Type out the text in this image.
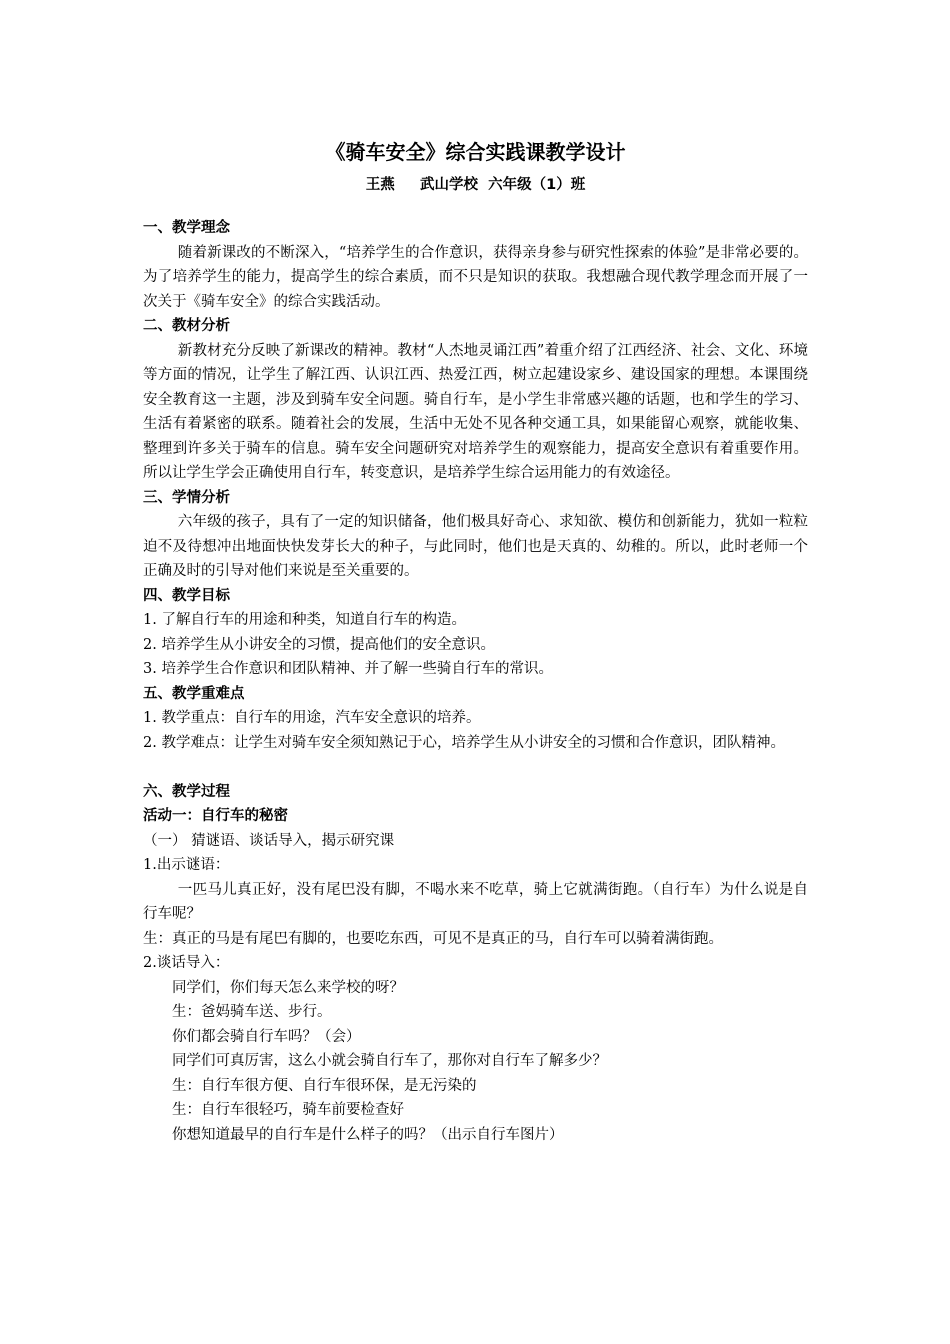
《骑车安全》综合实践课教学设计
王燕     武山学校  六年级（1）班
一、教学理念

随着新课改的不断深入，“培养学生的合作意识，获得亲身参与研究性探索的体验”是非常必要的。为了培养学生的能力，提高学生的综合素质，而不只是知识的获取。我想融合现代教学理念而开展了一次关于《骑车安全》的综合实践活动。

二、教材分析

新教材充分反映了新课改的精神。教材“人杰地灵诵江西”着重介绍了江西经济、社会、文化、环境等方面的情况，让学生了解江西、认识江西、热爱江西，树立起建设家乡、建设国家的理想。本课围绕安全教育这一主题，涉及到骑车安全问题。骑自行车，是小学生非常感兴趣的话题，也和学生的学习、生活有着紧密的联系。随着社会的发展，生活中无处不见各种交通工具，如果能留心观察，就能收集、整理到许多关于骑车的信息。骑车安全问题研究对培养学生的观察能力，提高安全意识有着重要作用。所以让学生学会正确使用自行车，转变意识，是培养学生综合运用能力的有效途径。

三、学情分析

六年级的孩子，具有了一定的知识储备，他们极具好奇心、求知欲、模仿和创新能力，犹如一粒粒迫不及待想冲出地面快快发芽长大的种子，与此同时，他们也是天真的、幼稚的。所以，此时老师一个正确及时的引导对他们来说是至关重要的。

四、教学目标

1. 了解自行车的用途和种类，知道自行车的构造。

2. 培养学生从小讲安全的习惯，提高他们的安全意识。

3. 培养学生合作意识和团队精神、并了解一些骑自行车的常识。

五、教学重难点

1. 教学重点：自行车的用途，汽车安全意识的培养。

2. 教学难点：让学生对骑车安全须知熟记于心，培养学生从小讲安全的习惯和合作意识，团队精神。

六、教学过程
活动一：自行车的秘密

（一） 猜谜语、谈话导入，揭示研究课

1.出示谜语：

一匹马儿真正好，没有尾巴没有脚，不喝水来不吃草，骑上它就满街跑。（自行车）为什么说是自行车呢？

生：真正的马是有尾巴有脚的，也要吃东西，可见不是真正的马，自行车可以骑着满街跑。

2.谈话导入：

同学们，你们每天怎么来学校的呀？

生：爸妈骑车送、步行。

你们都会骑自行车吗？（会）

同学们可真厉害，这么小就会骑自行车了，那你对自行车了解多少？

生：自行车很方便、自行车很环保，是无污染的

生：自行车很轻巧，骑车前要检查好

你想知道最早的自行车是什么样子的吗？（出示自行车图片）
